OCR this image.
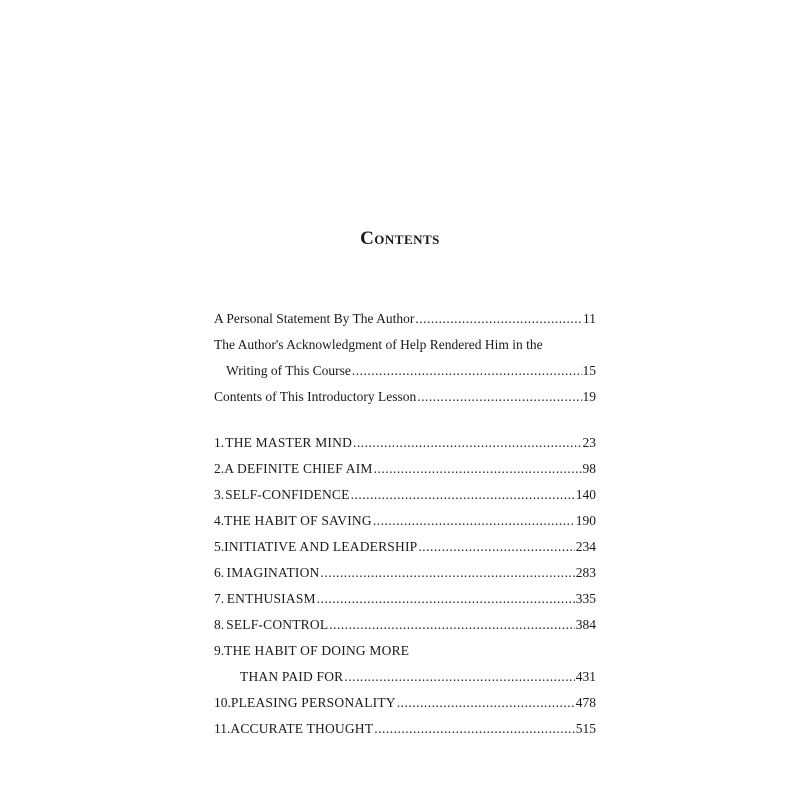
Contents
A Personal Statement By The Author .....	11
The Author's Acknowledgment of Help Rendered Him in the
Writing of This Course .....	15
Contents of This Introductory Lesson .....	19
1. THE MASTER MIND .....	23
2. A DEFINITE CHIEF AIM .....	98
3. SELF-CONFIDENCE .....	140
4. THE HABIT OF SAVING .....	190
5. INITIATIVE AND LEADERSHIP .....	234
6. IMAGINATION .....	283
7. ENTHUSIASM .....	335
8. SELF-CONTROL .....	384
9. THE HABIT OF DOING MORE
THAN PAID FOR .....	431
10. PLEASING PERSONALITY .....	478
11. ACCURATE THOUGHT .....	515
